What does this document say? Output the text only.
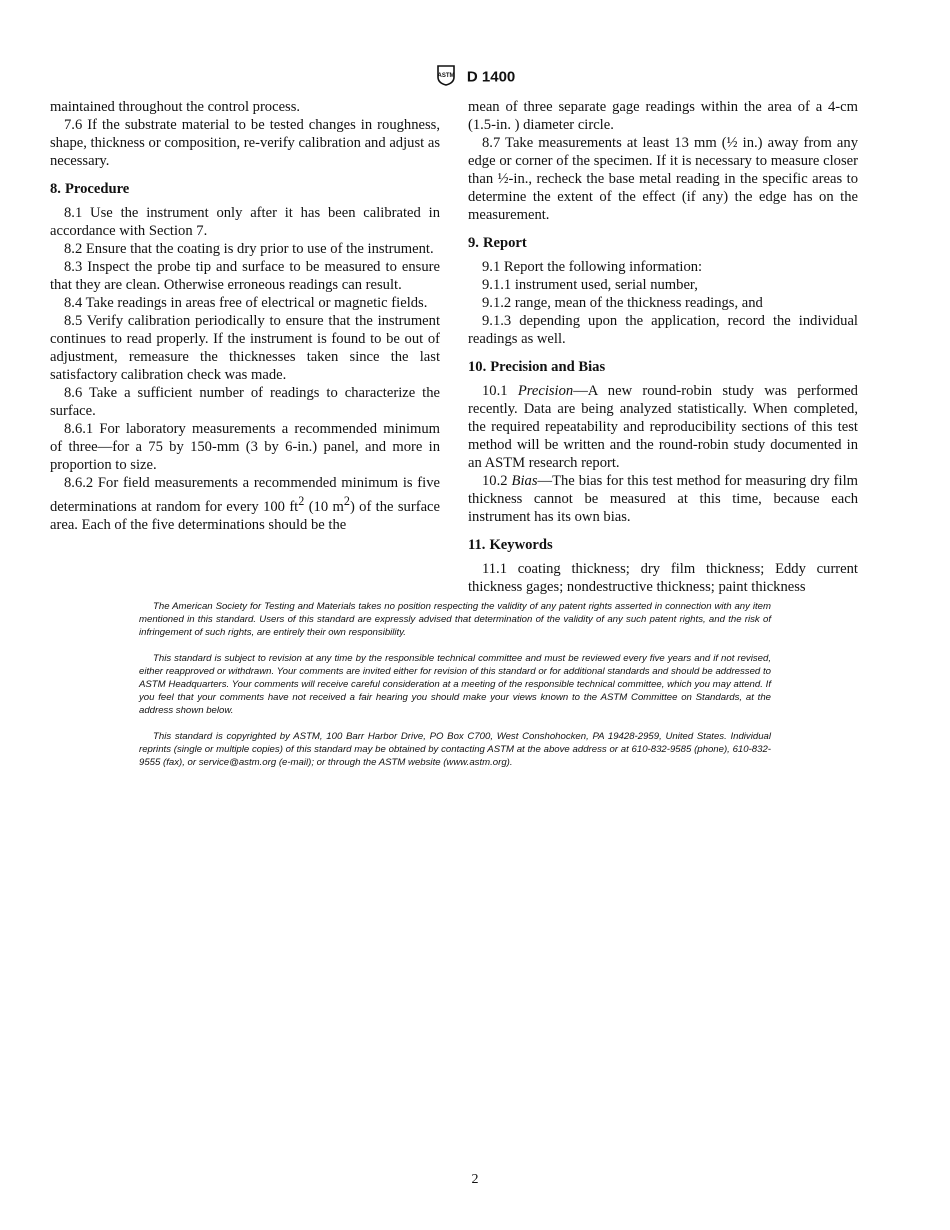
ASTM D 1400

maintained throughout the control process.

7.6 If the substrate material to be tested changes in roughness, shape, thickness or composition, re-verify calibration and adjust as necessary.

8. Procedure

8.1 Use the instrument only after it has been calibrated in accordance with Section 7.

8.2 Ensure that the coating is dry prior to use of the instrument.

8.3 Inspect the probe tip and surface to be measured to ensure that they are clean. Otherwise erroneous readings can result.

8.4 Take readings in areas free of electrical or magnetic fields.

8.5 Verify calibration periodically to ensure that the instrument continues to read properly. If the instrument is found to be out of adjustment, remeasure the thicknesses taken since the last satisfactory calibration check was made.

8.6 Take a sufficient number of readings to characterize the surface.

8.6.1 For laboratory measurements a recommended minimum of three—for a 75 by 150-mm (3 by 6-in.) panel, and more in proportion to size.

8.6.2 For field measurements a recommended minimum is five determinations at random for every 100 $ft^2$ (10 $m^2$) of the surface area. Each of the five determinations should be the

mean of three separate gage readings within the area of a 4-cm (1.5-in. ) diameter circle.

8.7 Take measurements at least 13 mm (½ in.) away from any edge or corner of the specimen. If it is necessary to measure closer than ½-in., recheck the base metal reading in the specific areas to determine the extent of the effect (if any) the edge has on the measurement.

9. Report

9.1 Report the following information:

9.1.1 instrument used, serial number,

9.1.2 range, mean of the thickness readings, and

9.1.3 depending upon the application, record the individual readings as well.

10. Precision and Bias

10.1 Precision—A new round-robin study was performed recently. Data are being analyzed statistically. When completed, the required repeatability and reproducibility sections of this test method will be written and the round-robin study documented in an ASTM research report.

10.2 Bias—The bias for this test method for measuring dry film thickness cannot be measured at this time, because each instrument has its own bias.

11. Keywords

11.1 coating thickness; dry film thickness; Eddy current thickness gages; nondestructive thickness; paint thickness

The American Society for Testing and Materials takes no position respecting the validity of any patent rights asserted in connection with any item mentioned in this standard. Users of this standard are expressly advised that determination of the validity of any such patent rights, and the risk of infringement of such rights, are entirely their own responsibility.

This standard is subject to revision at any time by the responsible technical committee and must be reviewed every five years and if not revised, either reapproved or withdrawn. Your comments are invited either for revision of this standard or for additional standards and should be addressed to ASTM Headquarters. Your comments will receive careful consideration at a meeting of the responsible technical committee, which you may attend. If you feel that your comments have not received a fair hearing you should make your views known to the ASTM Committee on Standards, at the address shown below.

This standard is copyrighted by ASTM, 100 Barr Harbor Drive, PO Box C700, West Conshohocken, PA 19428-2959, United States. Individual reprints (single or multiple copies) of this standard may be obtained by contacting ASTM at the above address or at 610-832-9585 (phone), 610-832-9555 (fax), or service@astm.org (e-mail); or through the ASTM website (www.astm.org).

2
